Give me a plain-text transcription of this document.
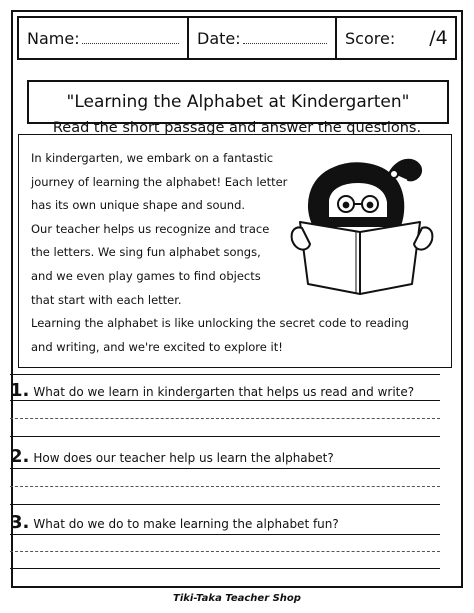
Name:	Date:	Score: /4
"Learning the Alphabet at Kindergarten"
Read the short passage and answer the questions.

In kindergarten, we embark on a fantastic

journey of learning the alphabet! Each letter

has its own unique shape and sound.

Our teacher helps us recognize and trace

the letters. We sing fun alphabet songs,

and we even play games to find objects

that start with each letter.

Learning the alphabet is like unlocking the secret code to reading

and writing, and we're excited to explore it!

1. What do we learn in kindergarten that helps us read and write?
2. How does our teacher help us learn the alphabet?
3. What do we do to make learning the alphabet fun?
Tiki-Taka Teacher Shop
